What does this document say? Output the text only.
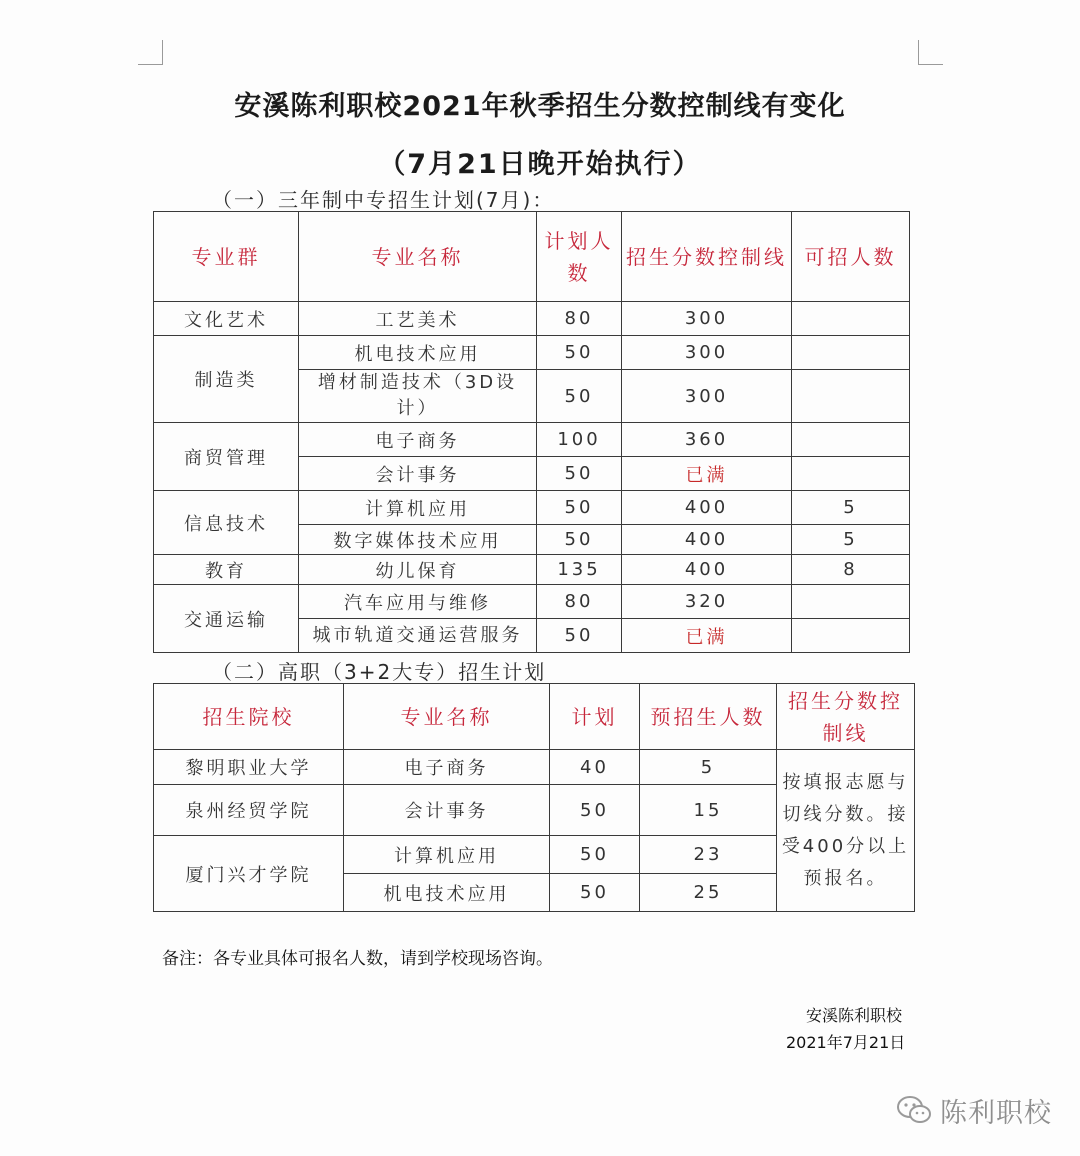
安溪陈利职校2021年秋季招生分数控制线有变化
（7月21日晚开始执行）
（一）三年制中专招生计划(7月)：
专业群	专业名称	计划人数	招生分数控制线	可招人数
文化艺术	工艺美术	80	300	
制造类	机电技术应用	50	300	
	增材制造技术（3D设计）	50	300	
商贸管理	电子商务	100	360	
	会计事务	50	已满	
信息技术	计算机应用	50	400	5
	数字媒体技术应用	50	400	5
教育	幼儿保育	135	400	8
交通运输	汽车应用与维修	80	320	
	城市轨道交通运营服务	50	已满	
（二）高职（3+2大专）招生计划
招生院校	专业名称	计划	预招生人数	招生分数控制线
黎明职业大学	电子商务	40	5	按填报志愿与切线分数。接受400分以上预报名。
泉州经贸学院	会计事务	50	15	
厦门兴才学院	计算机应用	50	23	
	机电技术应用	50	25	
备注：各专业具体可报名人数，请到学校现场咨询。
安溪陈利职校
2021年7月21日
陈利职校
